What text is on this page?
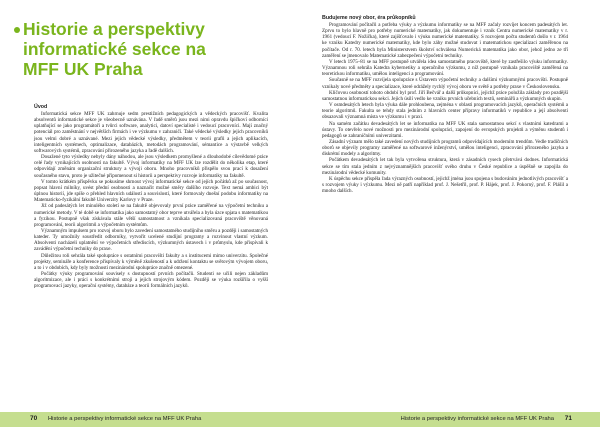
Historie a perspektivy informatické sekce na MFF UK Praha

Úvod

Informatická sekce MFF UK zahrnuje sedm prestižních pedagogických a vědeckých pracovišť. Kvalita absolventů informatické sekce je všeobecně uznávána. V řadě směrů jsou mezi nimi opravdu špičkoví odborníci uplatňující se jako programátoři a tvůrci software, analytici, datoví specialisté i vedoucí pracovníci. Mají značný potenciál pro zaměstnání v největších firmách i ve výzkumu v zahraničí. Také vědecké výsledky jejich pracovníků jsou velmi dobré a uznávané. Mezi jejich vědecké výsledky, předmětem v teorii grafů a jejich aplikacích, inteligentních systémech, optimalizace, databázích, metodách programování, sémantice a výstavbě velkých softwarových systémů, zpracování přirozeného jazyka a řadě dalších.

Dosažené tyto výsledky nebyly dány náhodou, ale jsou výsledkem promyšlené a dlouhodobé cílevědomé práce celé řady vynikajících osobností na fakultě. Vývoj informatiky na MFF UK lze rozdělit do několika etap, které odpovídají změnám organizační struktury a vývoji oboru. Mnoho pracovníků přispělo svou prací k dosažení současného stavu, proto je užitečné připomenout si historii a perspektivy rozvoje informatiky na fakultě.

V tomto krátkém příspěvku se pokusíme shrnout vývoj informatické sekce od jejích počátků až po současnost, popsat hlavní milníky, uvést přední osobnosti a naznačit možné směry dalšího rozvoje. Text nemá ambici být úplnou historií, jde spíše o přehled hlavních událostí a souvislostí, které formovaly dnešní podobu informatiky na Matematicko-fyzikální fakultě Univerzity Karlovy v Praze.

Již od padesátých let minulého století se na fakultě objevovaly první práce zaměřené na výpočetní techniku a numerické metody. V té době se informatika jako samostatný obor teprve utvářela a byla úzce spjata s matematikou a fyzikou. Postupně však získávala stále větší samostatnost a vznikala specializovaná pracoviště věnovaná programování, teorii algoritmů a výpočetním systémům.

Významným impulsem pro rozvoj oboru bylo zavedení samostatného studijního směru a později i samostatných kateder. Ty umožnily soustředit odborníky, vytvořit ucelené studijní programy a rozvinout vlastní výzkum. Absolventi nacházeli uplatnění ve výpočetních střediscích, výzkumných ústavech i v průmyslu, kde přispívali k zavádění výpočetní techniky do praxe.

Důležitou roli sehrála také spolupráce s ostatními pracovišti fakulty a s institucemi mimo univerzitu. Společné projekty, semináře a konference přispívaly k výměně zkušeností a k udržení kontaktu se světovým vývojem oboru, a to i v obdobích, kdy byly možnosti mezinárodní spolupráce značně omezené.

Počátky výuky programování souvisely s dostupností prvních počítačů. Studenti se učili nejen základům algoritmizace, ale i práci s konkrétními stroji a jejich strojovým kódem. Později se výuka rozšířila o vyšší programovací jazyky, operační systémy, databáze a teorii formálních jazyků.

70 Historie a perspektivy informatické sekce na MFF UK Praha

Budujeme nový obor, éra průkopníků

Programování počítačů a potřeba výuky a výzkumu informatiky se na MFF začaly rozvíjet koncem padesátých let. Zprvu to bylo hlavně pro potřeby numerické matematiky, jak dokumentuje i vznik Centra numerické matematiky v r. 1961 (vedoucí F. Nožička), které zajišťovalo i výuku numerické matematiky. S rozvojem počtu studentů došlo v r. 1964 ke vzniku Katedry numerické matematiky, kde bylo záhy možné studovat i matematickou specializaci zaměřenou na počítače. Od r. 70. letech byla Ministerstvem školství schválena Numerická matematika jako obor, jehož jedno ze tří zaměření se jmenovalo Matematické zabezpečení výpočetní techniky.

V letech 1975–81 se na MFF postupně utvářela idea samostatného pracoviště, které by zastřešilo výuku informatiky. Významnou roli sehrála Katedra kybernetiky a operačního výzkumu, z níž postupně vznikala pracoviště zaměřená na teoretickou informatiku, umělou inteligenci a programování.

Současně se na MFF rozvíjela spolupráce s Ústavem výpočetní techniky a dalšími výzkumnými pracovišti. Postupně vznikaly nové předměty a specializace, které odrážely rychlý vývoj oboru ve světě a potřeby praxe v Československu.

Klíčovou osobností tohoto období byl prof. Jiří Bečvář a další průkopníci, jejichž práce položila základy pro pozdější samostatnou informatickou sekci. Jejich úsilí vedlo ke vzniku prvních učebních textů, seminářů a výzkumných skupin.

V osmdesátých letech byla výuka dále prohloubena, zejména v oblasti programovacích jazyků, operačních systémů a teorie algoritmů. Fakulta se tehdy stala jedním z hlavních center přípravy informatiků v republice a její absolventi obsazovali významná místa ve výzkumu i v praxi.

Na samém začátku devadesátých let se informatika na MFF UK stala samostatnou sekcí s vlastními katedrami a ústavy. To otevřelo nové možnosti pro mezinárodní spolupráci, zapojení do evropských projektů a výměnu studentů i pedagogů se zahraničními univerzitami.

Zásadní význam mělo také zavedení nových studijních programů odpovídajících moderním trendům. Vedle tradičních oborů se objevily programy zaměřené na softwarové inženýrství, umělou inteligenci, zpracování přirozeného jazyka a diskrétní modely a algoritmy.

Počátkem devadesátých let tak byla vytvořena struktura, která v zásadních rysech přetrvává dodnes. Informatická sekce se tím stala jedním z nejvýznamnějších pracovišť svého druhu v České republice a úspěšně se zapojila do mezinárodní vědecké komunity.

K úspěchu sekce přispěla řada výrazných osobností, jejichž jména jsou spojena s budováním jednotlivých pracovišť a s rozvojem výuky i výzkumu. Mezi ně patří například prof. J. Nešetřil, prof. P. Hájek, prof. J. Pokorný, prof. F. Plášil a mnoho dalších.

Historie a perspektivy informatické sekce na MFF UK Praha 71
